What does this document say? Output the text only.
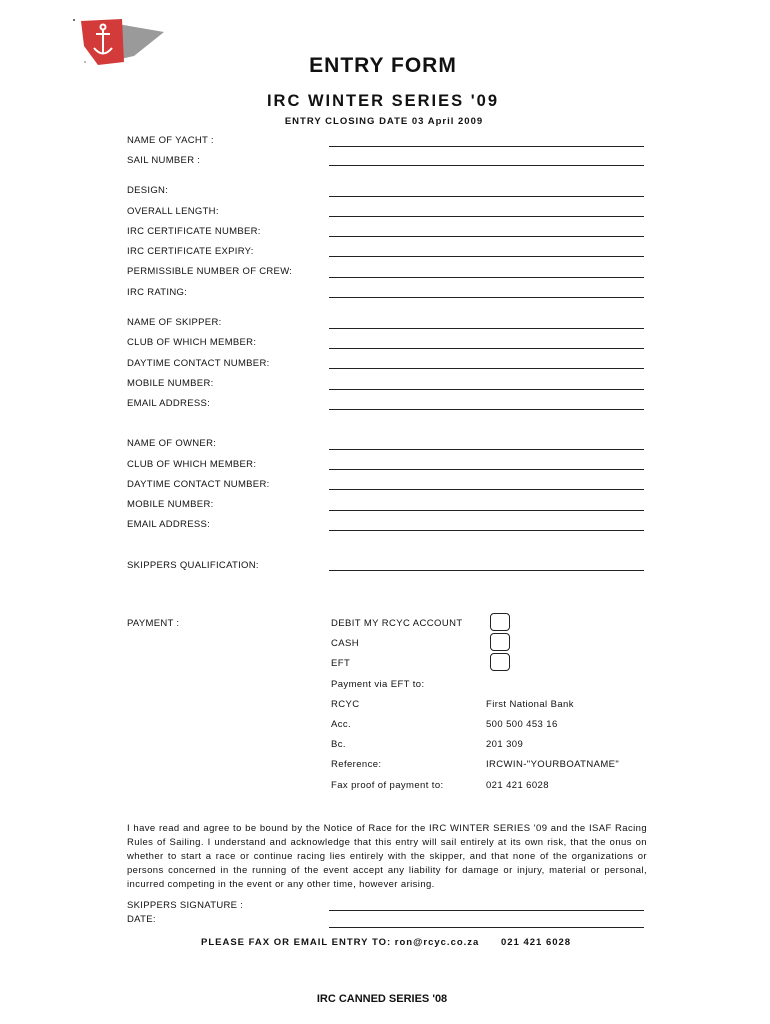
ENTRY FORM
IRC WINTER SERIES '09
ENTRY CLOSING DATE 03 April 2009
NAME OF YACHT :
SAIL NUMBER :
DESIGN:
OVERALL LENGTH:
IRC CERTIFICATE NUMBER:
IRC CERTIFICATE EXPIRY:
PERMISSIBLE NUMBER OF CREW:
IRC RATING:
NAME OF SKIPPER:
CLUB OF WHICH MEMBER:
DAYTIME CONTACT NUMBER:
MOBILE NUMBER:
EMAIL ADDRESS:
NAME OF OWNER:
CLUB OF WHICH MEMBER:
DAYTIME CONTACT NUMBER:
MOBILE NUMBER:
EMAIL ADDRESS:
SKIPPERS QUALIFICATION:
PAYMENT :	DEBIT MY RCYC ACCOUNT
CASH
EFT
Payment via EFT to:
RCYC	First National Bank
Acc.	500 500 453 16
Bc.	201 309
Reference:	IRCWIN-"YOURBOATNAME"
Fax proof of payment to:	021 421 6028
I have read and agree to be bound by the Notice of Race for the IRC WINTER SERIES '09 and the ISAF Racing Rules of Sailing. I understand and acknowledge that this entry will sail entirely at its own risk, that the onus on whether to start a race or continue racing lies entirely with the skipper, and that none of the organizations or persons concerned in the running of the event accept any liability for damage or injury, material or personal, incurred competing in the event or any other time, however arising.
SKIPPERS SIGNATURE :
DATE:
PLEASE FAX OR EMAIL ENTRY TO: ron@rcyc.co.za 021 421 6028
IRC CANNED SERIES '08
